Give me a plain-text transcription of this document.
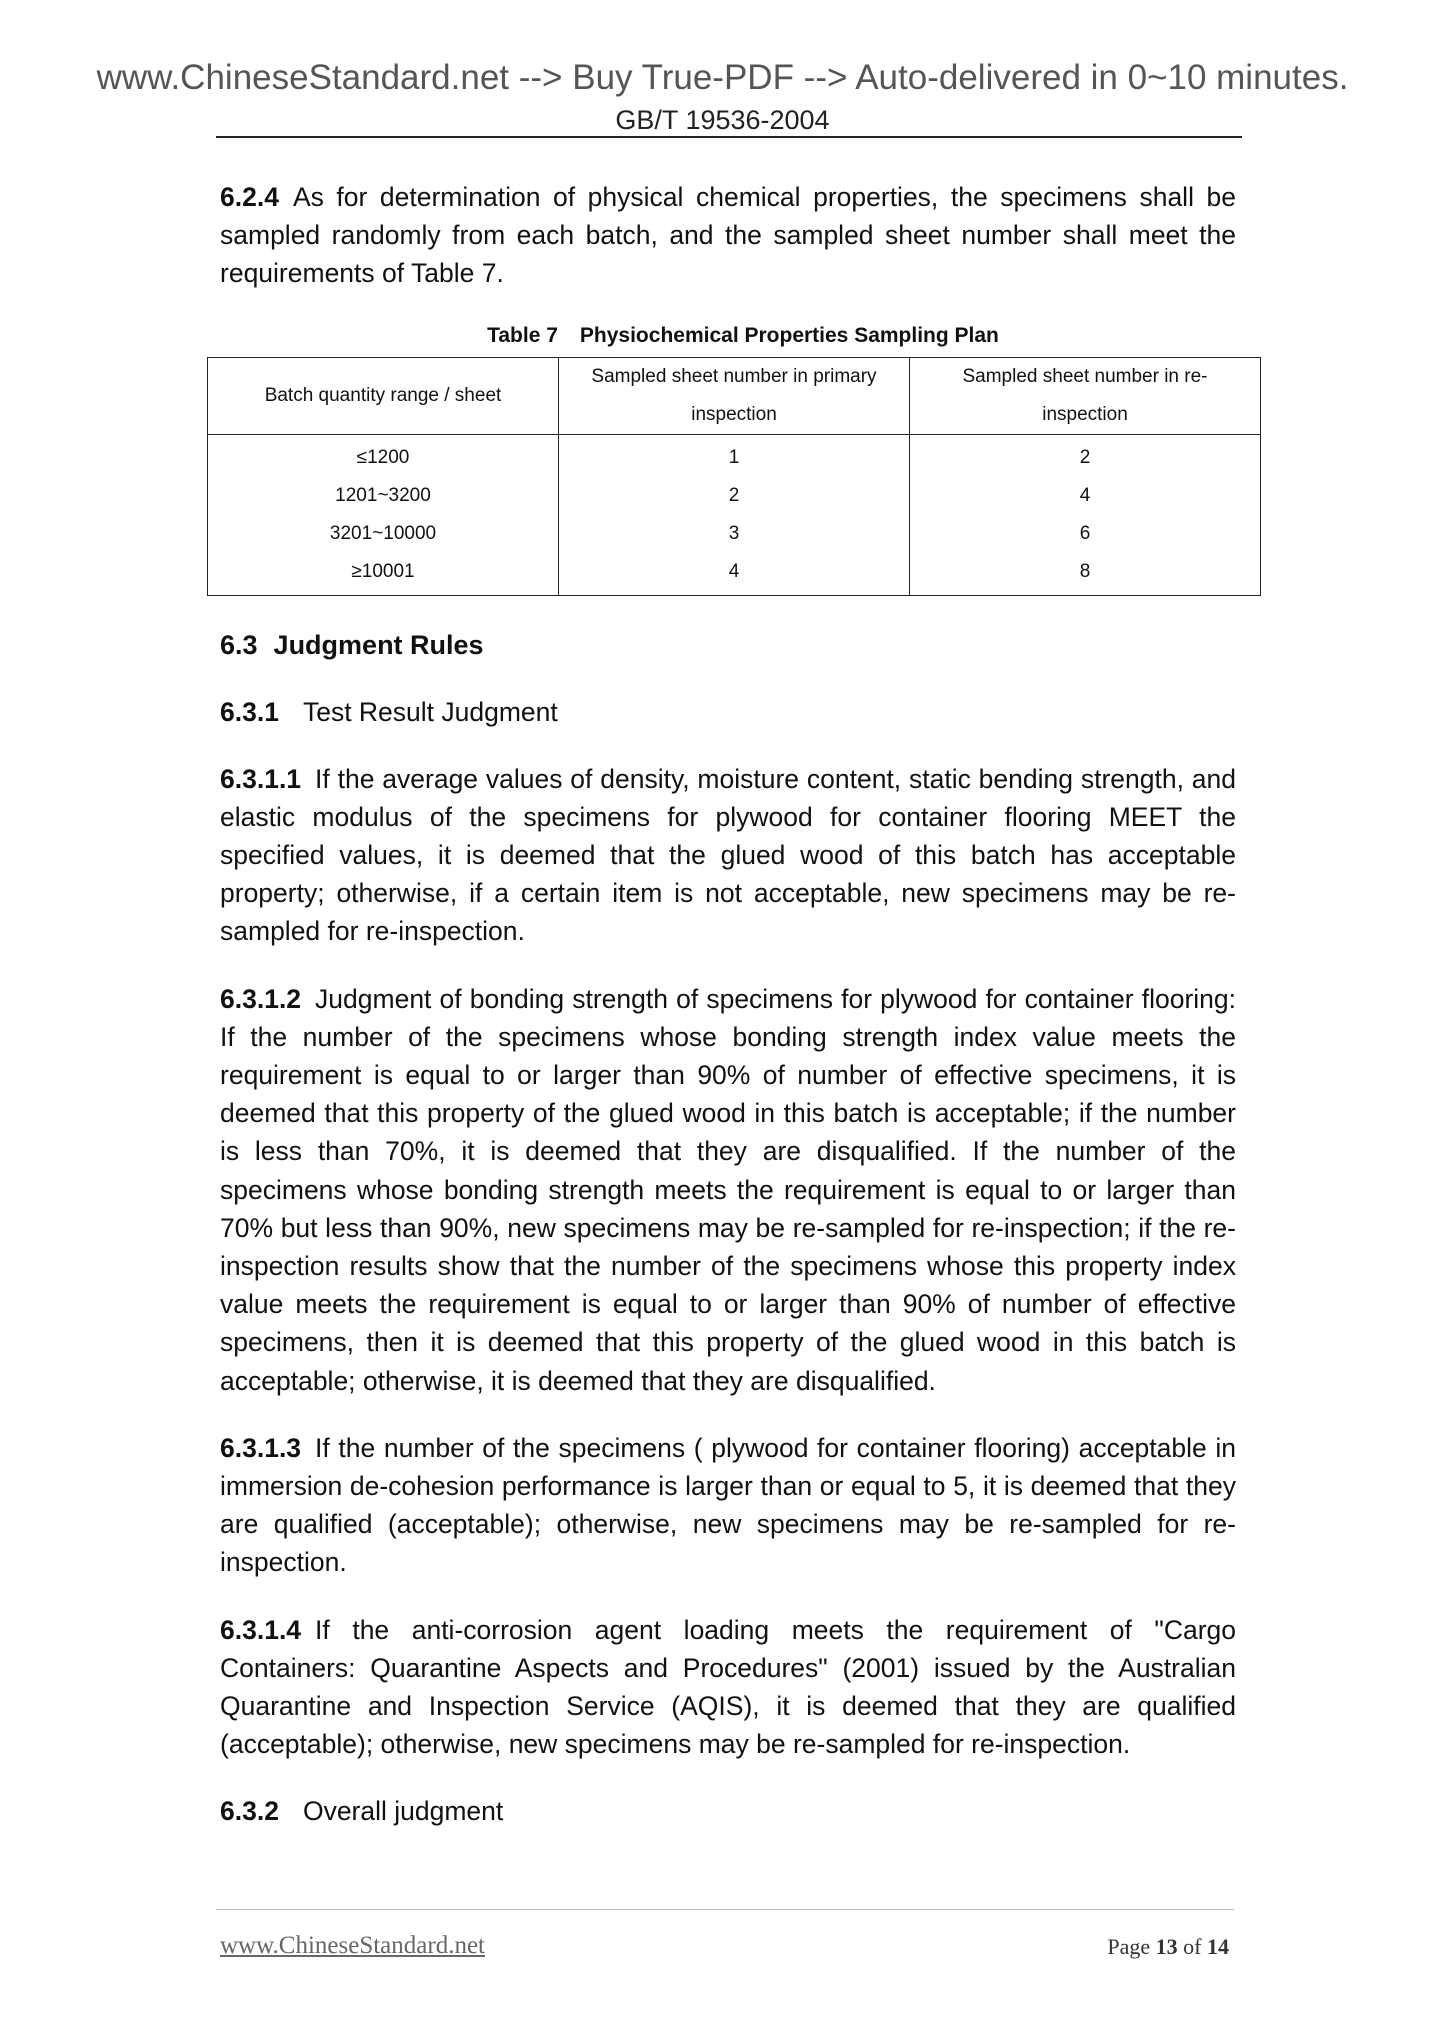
www.ChineseStandard.net --> Buy True-PDF --> Auto-delivered in 0~10 minutes.
GB/T 19536-2004

6.2.4 As for determination of physical chemical properties, the specimens shall be sampled randomly from each batch, and the sampled sheet number shall meet the requirements of Table 7.

Table 7 Physiochemical Properties Sampling Plan
Batch quantity range / sheet	Sampled sheet number in primary inspection	Sampled sheet number in re-inspection
≤1200	1	2
1201~3200	2	4
3201~10000	3	6
≥10001	4	8
6.3 Judgment Rules
6.3.1 Test Result Judgment

6.3.1.1 If the average values of density, moisture content, static bending strength, and elastic modulus of the specimens for plywood for container flooring MEET the specified values, it is deemed that the glued wood of this batch has acceptable property; otherwise, if a certain item is not acceptable, new specimens may be re-sampled for re-inspection.

6.3.1.2 Judgment of bonding strength of specimens for plywood for container flooring: If the number of the specimens whose bonding strength index value meets the requirement is equal to or larger than 90% of number of effective specimens, it is deemed that this property of the glued wood in this batch is acceptable; if the number is less than 70%, it is deemed that they are disqualified. If the number of the specimens whose bonding strength meets the requirement is equal to or larger than 70% but less than 90%, new specimens may be re-sampled for re-inspection; if the re-inspection results show that the number of the specimens whose this property index value meets the requirement is equal to or larger than 90% of number of effective specimens, then it is deemed that this property of the glued wood in this batch is acceptable; otherwise, it is deemed that they are disqualified.

6.3.1.3 If the number of the specimens ( plywood for container flooring) acceptable in immersion de-cohesion performance is larger than or equal to 5, it is deemed that they are qualified (acceptable); otherwise, new specimens may be re-sampled for re-inspection.

6.3.1.4 If the anti-corrosion agent loading meets the requirement of "Cargo Containers: Quarantine Aspects and Procedures" (2001) issued by the Australian Quarantine and Inspection Service (AQIS), it is deemed that they are qualified (acceptable); otherwise, new specimens may be re-sampled for re-inspection.

6.3.2 Overall judgment
www.ChineseStandard.net	Page 13 of 14
